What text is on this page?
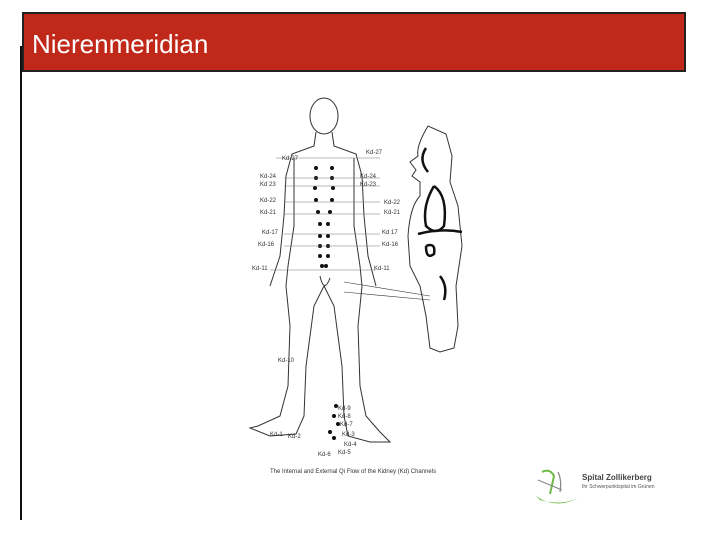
Nierenmeridian
Kd-27
Kd-24
Kd 23
Kd-22
Kd-21
Kd-17
Kd-16
Kd-11
Kd-10
Kd-1 Kd-2
Kd-6
Kd-27
Kd-24
Kd-23
Kd-22
Kd-21
Kd 17
Kd-16
Kd-11
Kd-9
Kd-8
Kd-7
Kd-3
Kd-4
Kd-5
The Internal and External Qi Flow of the Kidney (Kd) Channels
Spital Zollikerberg
Ihr Schwerpunktspital im Grünen
